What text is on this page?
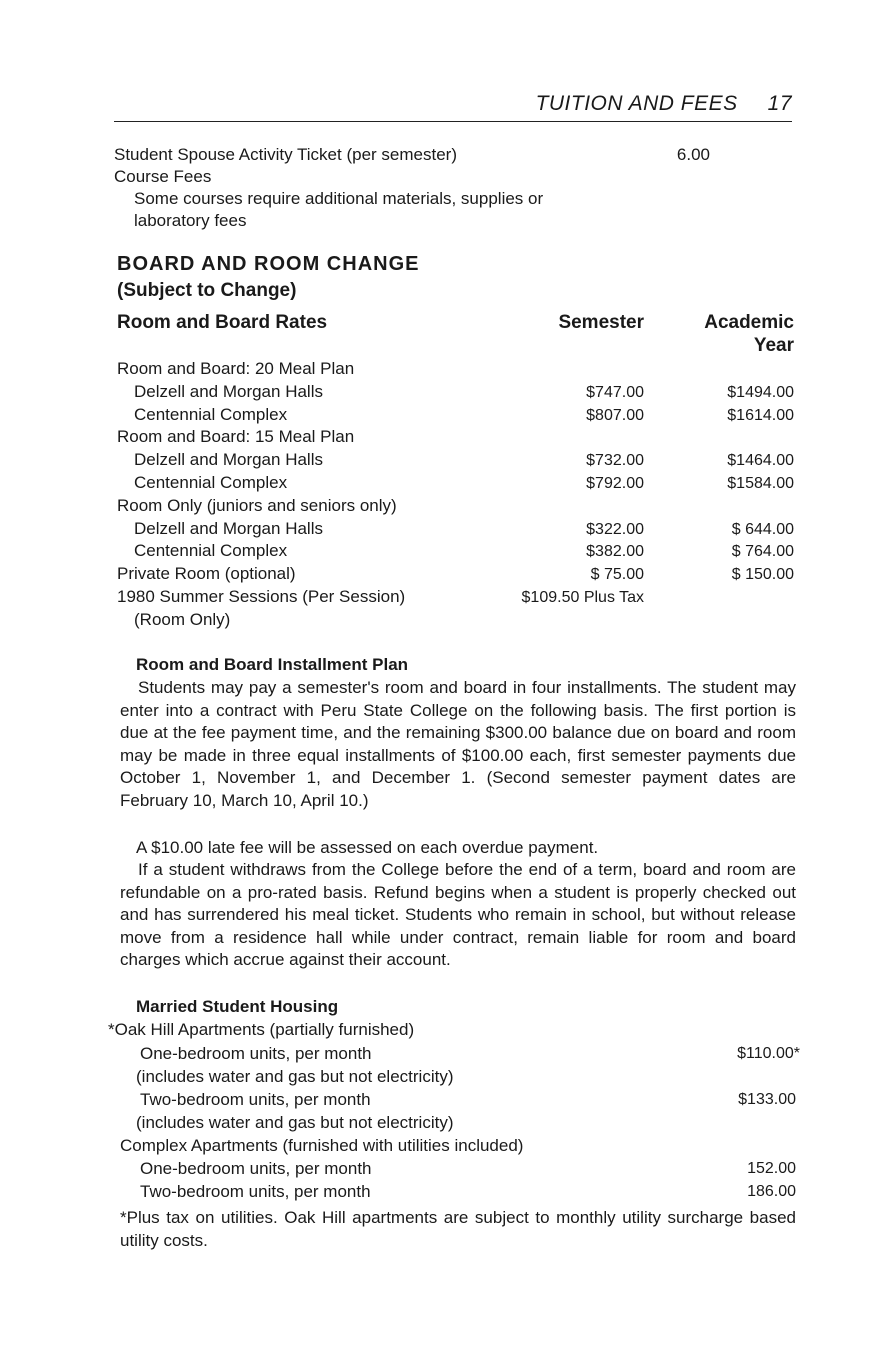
TUITION AND FEES 17
Student Spouse Activity Ticket (per semester)	6.00
Course Fees
Some courses require additional materials, supplies or
laboratory fees
BOARD AND ROOM CHANGE
(Subject to Change)
Room and Board Rates	Semester	Academic
Year
Room and Board: 20 Meal Plan
Delzell and Morgan Halls	$747.00	$1494.00
Centennial Complex	$807.00	$1614.00
Room and Board: 15 Meal Plan
Delzell and Morgan Halls	$732.00	$1464.00
Centennial Complex	$792.00	$1584.00
Room Only (juniors and seniors only)
Delzell and Morgan Halls	$322.00	$ 644.00
Centennial Complex	$382.00	$ 764.00
Private Room (optional)	$ 75.00	$ 150.00
1980 Summer Sessions (Per Session)	$109.50 Plus Tax
(Room Only)
Room and Board Installment Plan
Students may pay a semester's room and board in four installments. The student may enter into a contract with Peru State College on the following basis. The first portion is due at the fee payment time, and the remaining $300.00 balance due on board and room may be made in three equal installments of $100.00 each, first semester payments due October 1, November 1, and December 1. (Second semester payment dates are February 10, March 10, April 10.)
A $10.00 late fee will be assessed on each overdue payment.
If a student withdraws from the College before the end of a term, board and room are refundable on a pro-rated basis. Refund begins when a student is properly checked out and has surrendered his meal ticket. Students who remain in school, but without release move from a residence hall while under contract, remain liable for room and board charges which accrue against their account.
Married Student Housing
*Oak Hill Apartments (partially furnished)
One-bedroom units, per month	$110.00*
(includes water and gas but not electricity)
Two-bedroom units, per month	$133.00
(includes water and gas but not electricity)
Complex Apartments (furnished with utilities included)
One-bedroom units, per month	152.00
Two-bedroom units, per month	186.00
*Plus tax on utilities. Oak Hill apartments are subject to monthly utility surcharge based utility costs.
